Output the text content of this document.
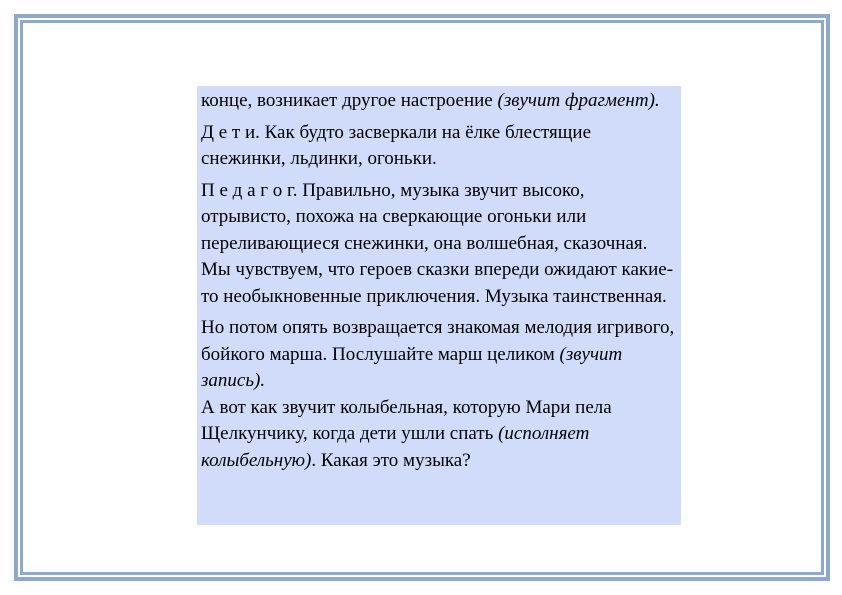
конце, возникает другое настроение (звучит фрагмент).

Д е т и. Как будто засверкали на ёлке блестящие снежинки, льдинки, огоньки.

П е д а г о г. Правильно, музыка звучит высоко, отрывисто, похожа на сверкающие огоньки или переливающиеся снежинки, она волшебная, сказочная. Мы чувствуем, что героев сказки впереди ожидают какие-то необыкновенные приключения. Музыка таинственная.

Но потом опять возвращается знакомая мелодия игривого, бойкого марша. Послушайте марш целиком (звучит запись).

А вот как звучит колыбельная, которую Мари пела Щелкунчику, когда дети ушли спать (исполняет колыбельную). Какая это музыка?
